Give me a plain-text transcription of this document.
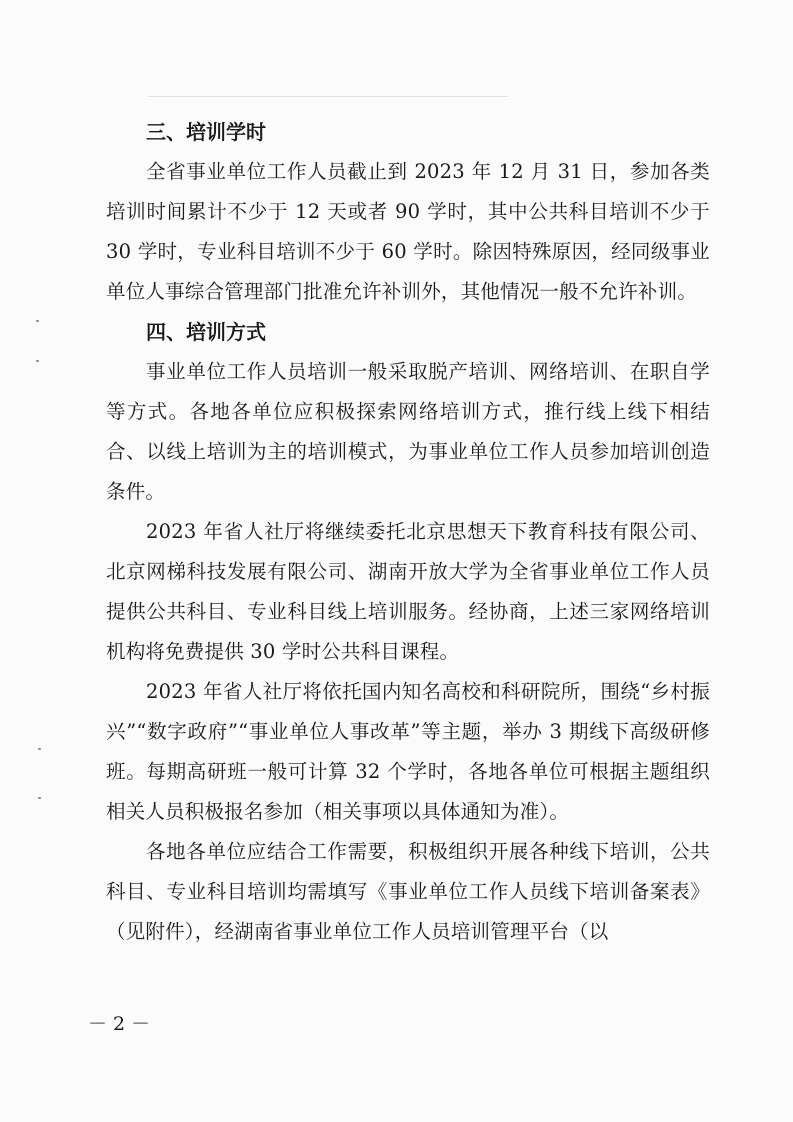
三、培训学时

全省事业单位工作人员截止到 2023 年 12 月 31 日，参加各类培训时间累计不少于 12 天或者 90 学时，其中公共科目培训不少于 30 学时，专业科目培训不少于 60 学时。除因特殊原因，经同级事业单位人事综合管理部门批准允许补训外，其他情况一般不允许补训。

四、培训方式

事业单位工作人员培训一般采取脱产培训、网络培训、在职自学等方式。各地各单位应积极探索网络培训方式，推行线上线下相结合、以线上培训为主的培训模式，为事业单位工作人员参加培训创造条件。

2023 年省人社厅将继续委托北京思想天下教育科技有限公司、北京网梯科技发展有限公司、湖南开放大学为全省事业单位工作人员提供公共科目、专业科目线上培训服务。经协商，上述三家网络培训机构将免费提供 30 学时公共科目课程。

2023 年省人社厅将依托国内知名高校和科研院所，围绕“乡村振兴”“数字政府”“事业单位人事改革”等主题，举办 3 期线下高级研修班。每期高研班一般可计算 32 个学时，各地各单位可根据主题组织相关人员积极报名参加（相关事项以具体通知为准）。

各地各单位应结合工作需要，积极组织开展各种线下培训，公共科目、专业科目培训均需填写《事业单位工作人员线下培训备案表》（见附件），经湖南省事业单位工作人员培训管理平台（以

－ 2 －
